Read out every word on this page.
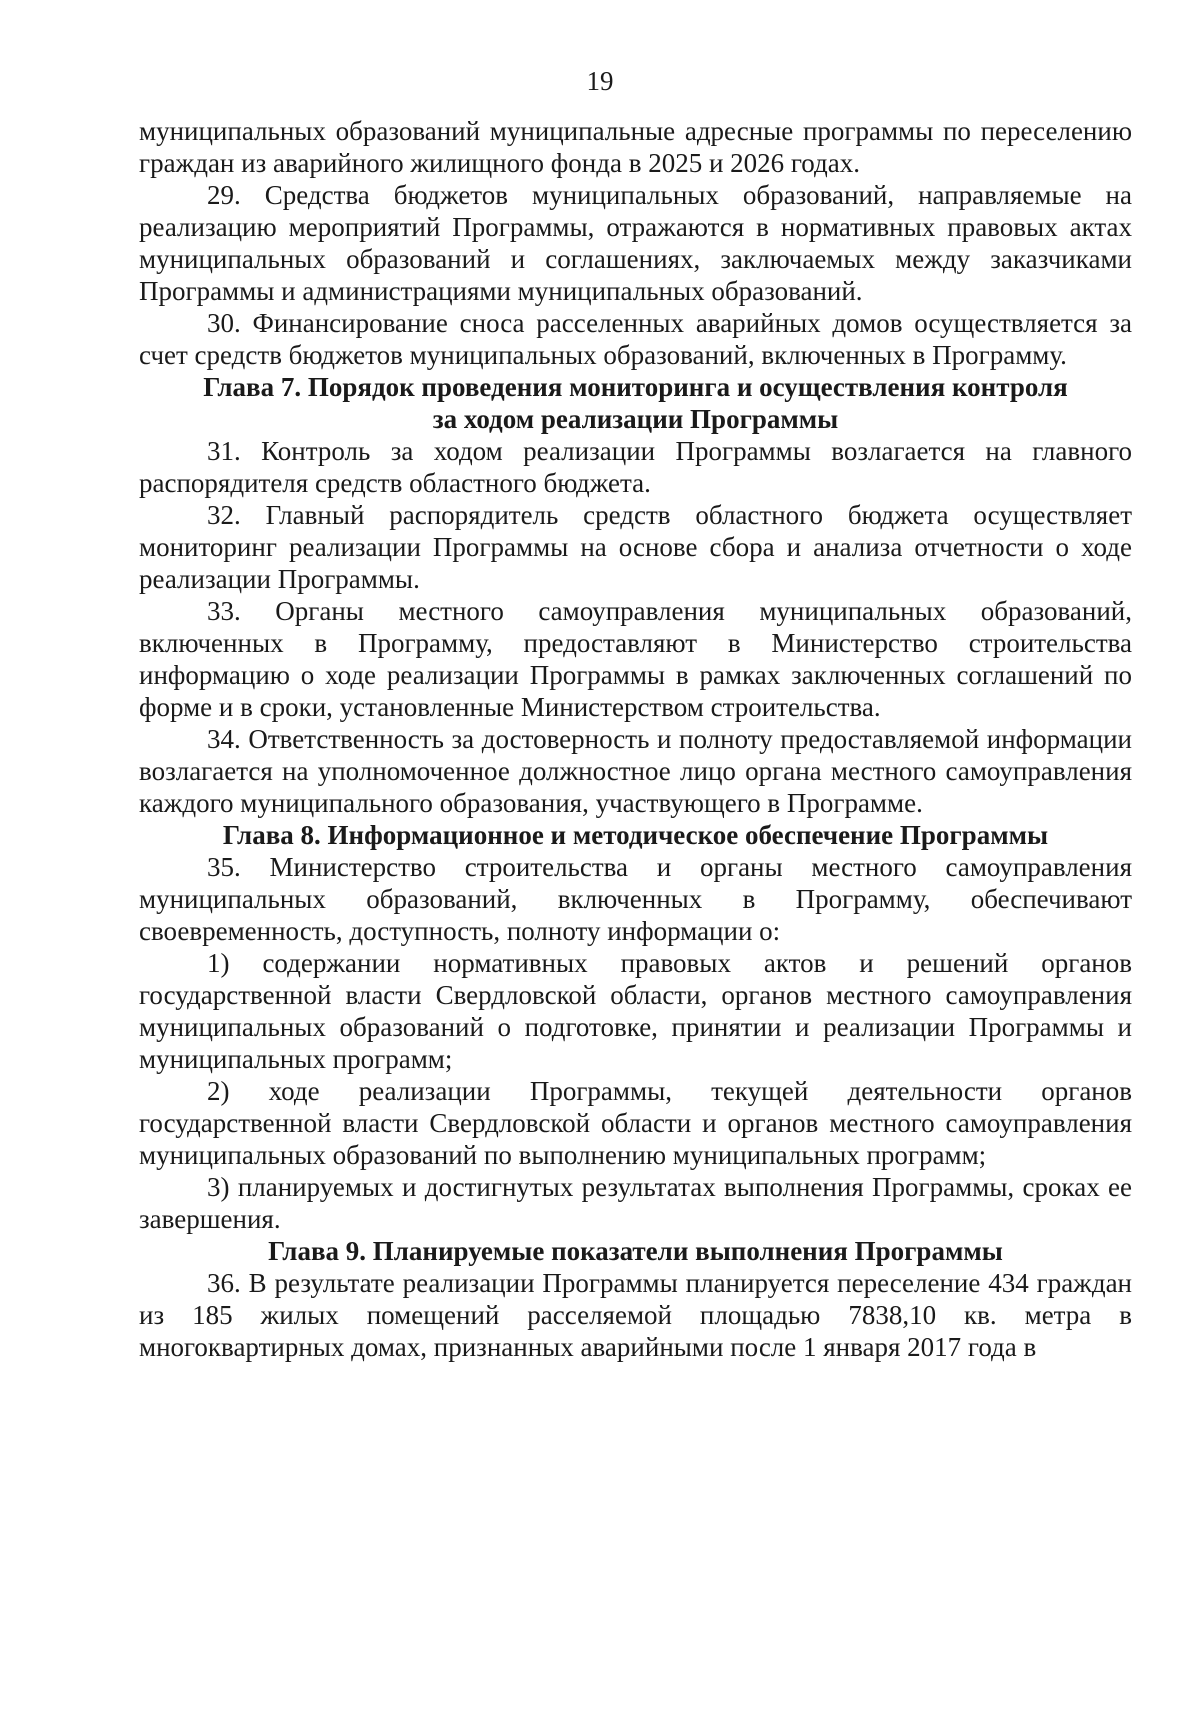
19

муниципальных образований муниципальные адресные программы по переселению граждан из аварийного жилищного фонда в 2025 и 2026 годах.

29. Средства бюджетов муниципальных образований, направляемые на реализацию мероприятий Программы, отражаются в нормативных правовых актах муниципальных образований и соглашениях, заключаемых между заказчиками Программы и администрациями муниципальных образований.

30. Финансирование сноса расселенных аварийных домов осуществляется за счет средств бюджетов муниципальных образований, включенных в Программу.

Глава 7. Порядок проведения мониторинга и осуществления контроля
за ходом реализации Программы

31. Контроль за ходом реализации Программы возлагается на главного распорядителя средств областного бюджета.

32. Главный распорядитель средств областного бюджета осуществляет мониторинг реализации Программы на основе сбора и анализа отчетности о ходе реализации Программы.

33. Органы местного самоуправления муниципальных образований, включенных в Программу, предоставляют в Министерство строительства информацию о ходе реализации Программы в рамках заключенных соглашений по форме и в сроки, установленные Министерством строительства.

34. Ответственность за достоверность и полноту предоставляемой информации возлагается на уполномоченное должностное лицо органа местного самоуправления каждого муниципального образования, участвующего в Программе.

Глава 8. Информационное и методическое обеспечение Программы

35. Министерство строительства и органы местного самоуправления муниципальных образований, включенных в Программу, обеспечивают своевременность, доступность, полноту информации о:

1) содержании нормативных правовых актов и решений органов государственной власти Свердловской области, органов местного самоуправления муниципальных образований о подготовке, принятии и реализации Программы и муниципальных программ;

2) ходе реализации Программы, текущей деятельности органов государственной власти Свердловской области и органов местного самоуправления муниципальных образований по выполнению муниципальных программ;

3) планируемых и достигнутых результатах выполнения Программы, сроках ее завершения.

Глава 9. Планируемые показатели выполнения Программы

36. В результате реализации Программы планируется переселение 434 граждан из 185 жилых помещений расселяемой площадью 7838,10 кв. метра в многоквартирных домах, признанных аварийными после 1 января 2017 года в
